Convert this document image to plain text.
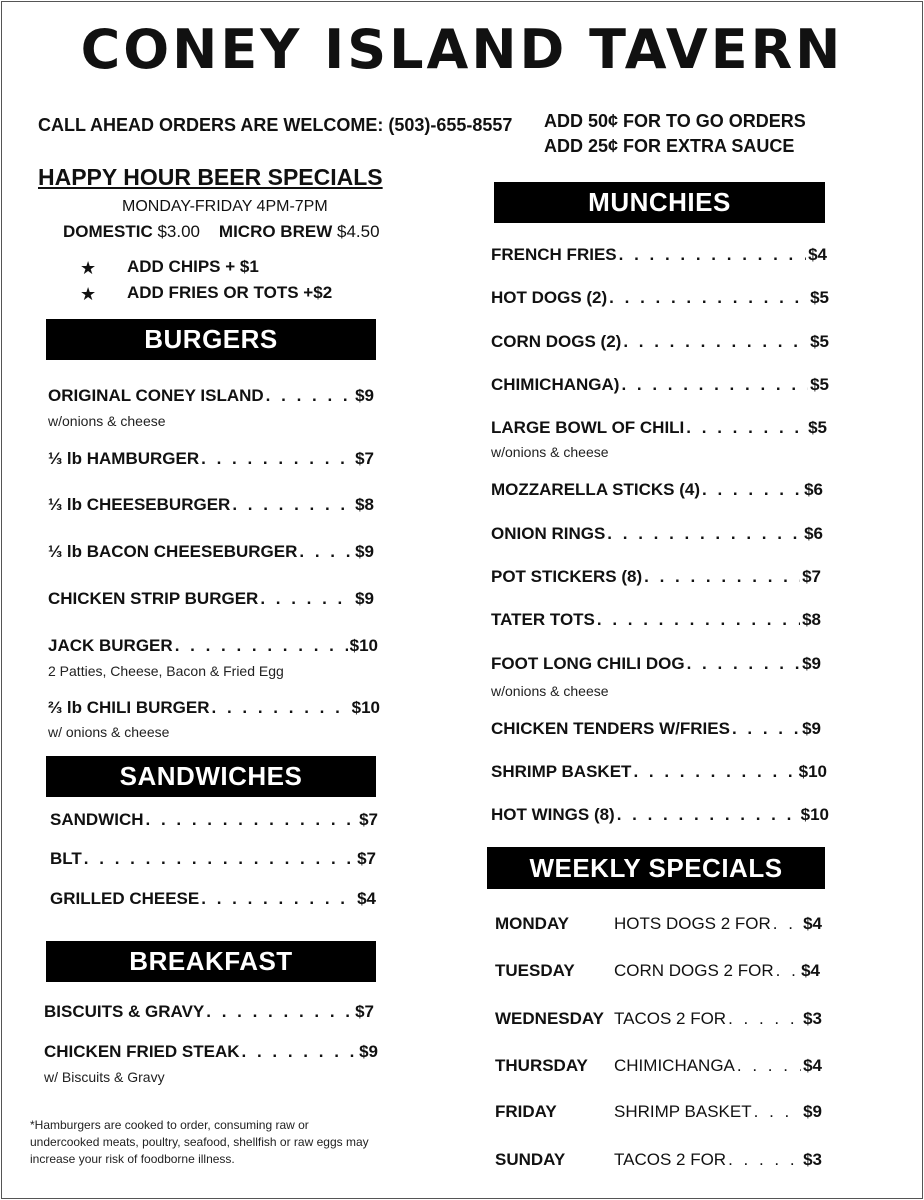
CONEY ISLAND TAVERN
CALL AHEAD ORDERS ARE WELCOME: (503)-655-8557 ADD 50¢ FOR TO GO ORDERS
ADD 25¢ FOR EXTRA SAUCE
HAPPY HOUR BEER SPECIALS
MONDAY-FRIDAY 4PM-7PM
DOMESTIC $3.00 MICRO BREW $4.50
★ ADD CHIPS + $1
★ ADD FRIES OR TOTS +$2
BURGERS
SANDWICHES
BREAKFAST
MUNCHIES
WEEKLY SPECIALS
ORIGINAL CONEY ISLAND . . .	$9
w/onions & cheese
⅓ lb HAMBURGER . . .	$7
⅓ lb CHEESEBURGER . . .	$8
⅓ lb BACON CHEESEBURGER . . .	$9
CHICKEN STRIP BURGER . . .	$9
JACK BURGER . . .	$10
2 Patties, Cheese, Bacon & Fried Egg
⅔ lb CHILI BURGER . . .	$10
w/ onions & cheese
SANDWICH . . .	$7
BLT . . .	$7
GRILLED CHEESE . . .	$4
BISCUITS & GRAVY . . .	$7
CHICKEN FRIED STEAK . . .	$9
w/ Biscuits & Gravy
*Hamburgers are cooked to order, consuming raw or undercooked meats, poultry, seafood, shellfish or raw eggs may increase your risk of foodborne illness.
FRENCH FRIES . . .	$4
HOT DOGS (2) . . .	$5
CORN DOGS (2) . . .	$5
CHIMICHANGA) . . .	$5
LARGE BOWL OF CHILI . . .	$5
w/onions & cheese
MOZZARELLA STICKS (4) . . .	$6
ONION RINGS . . .	$6
POT STICKERS (8) . . .	$7
TATER TOTS . . .	$8
FOOT LONG CHILI DOG . . .	$9
w/onions & cheese
CHICKEN TENDERS W/FRIES . . .	$9
SHRIMP BASKET . . .	$10
HOT WINGS (8) . . .	$10
MONDAY	HOTS DOGS 2 FOR . . . $4
TUESDAY CORN DOGS 2 FOR . . . $4
WEDNESDAY TACOS 2 FOR . . .	$3
THURSDAY CHIMICHANGA . . .	$4
FRIDAY	SHRIMP BASKET . . .	$9
SUNDAY	TACOS 2 FOR . . .	$3
